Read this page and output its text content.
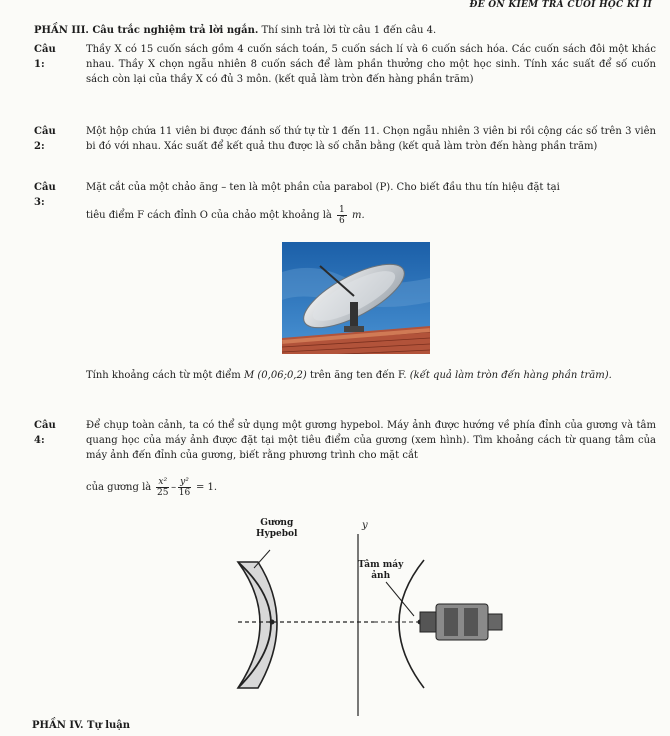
ĐỀ ÔN KIỂM TRA CUỐI HỌC KÌ II
PHẦN III. Câu trắc nghiệm trả lời ngắn. Thí sinh trả lời từ câu 1 đến câu 4.
Câu 1:
Thầy X có 15 cuốn sách gồm 4 cuốn sách toán, 5 cuốn sách lí và 6 cuốn sách hóa. Các cuốn sách đôi một khác nhau. Thầy X chọn ngẫu nhiên 8 cuốn sách để làm phần thưởng cho một học sinh. Tính xác suất để số cuốn sách còn lại của thầy X có đủ 3 môn. (kết quả làm tròn đến hàng phần trăm)
Câu 2:
Một hộp chứa 11 viên bi được đánh số thứ tự từ 1 đến 11. Chọn ngẫu nhiên 3 viên bi rồi cộng các số trên 3 viên bi đó với nhau. Xác suất để kết quả thu được là số chẵn bằng (kết quả làm tròn đến hàng phần trăm)
Câu 3:

Mặt cắt của một chảo ăng – ten là một phần của parabol (P). Cho biết đầu thu tín hiệu đặt tại

tiêu điểm F cách đỉnh O của chảo một khoảng là $\frac{1}{6} m$.

Tính khoảng cách từ một điểm M (0,06;0,2) trên ăng ten đến F. (kết quả làm tròn đến hàng phần trăm).

Câu 4:

Để chụp toàn cảnh, ta có thể sử dụng một gương hypebol. Máy ảnh được hướng về phía đỉnh của gương và tâm quang học của máy ảnh được đặt tại một tiêu điểm của gương (xem hình). Tìm khoảng cách từ quang tâm của máy ảnh đến đỉnh của gương, biết rằng phương trình cho mặt cắt

của gương là $\frac{\text{x²}}{25} - \frac{\text{y²}}{16} = 1$.

Gương
Hypebol
y
Tâm máy
ảnh
PHẦN IV. Tự luận
